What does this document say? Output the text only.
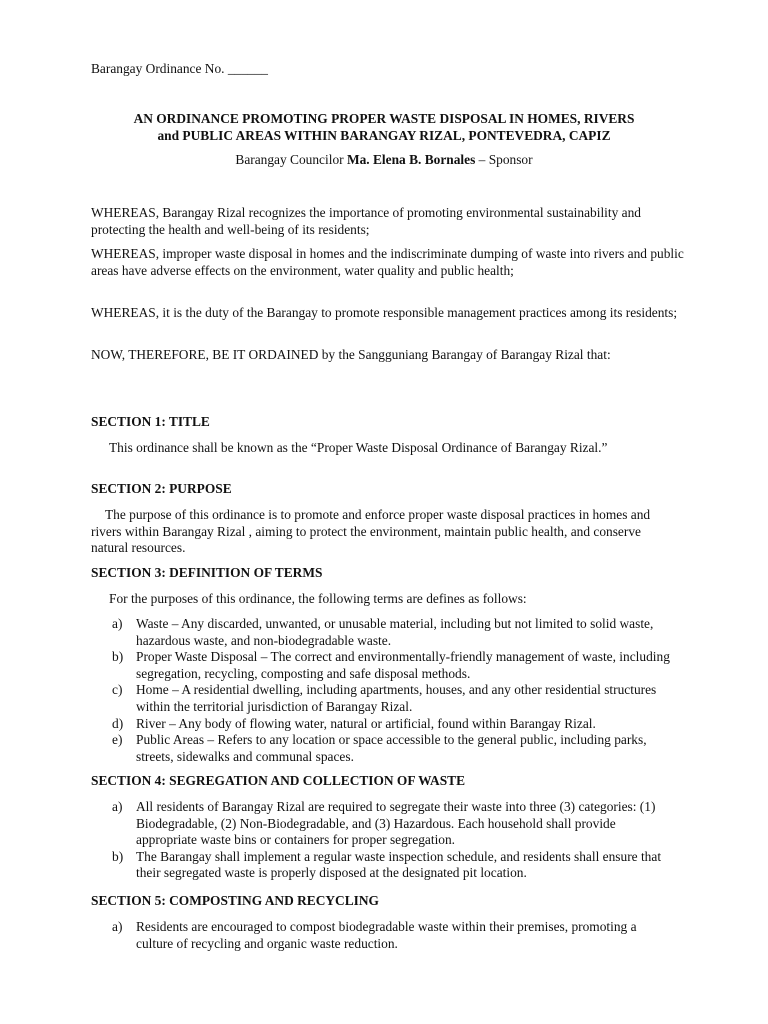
Barangay Ordinance No. ______
AN ORDINANCE PROMOTING PROPER WASTE DISPOSAL IN HOMES, RIVERS
and PUBLIC AREAS WITHIN BARANGAY RIZAL, PONTEVEDRA, CAPIZ
Barangay Councilor Ma. Elena B. Bornales – Sponsor
WHEREAS, Barangay Rizal recognizes the importance of promoting environmental sustainability and protecting the health and well-being of its residents;
WHEREAS, improper waste disposal in homes and the indiscriminate dumping of waste into rivers and public areas have adverse effects on the environment, water quality and public health;
WHEREAS, it is the duty of the Barangay to promote responsible management practices among its residents;
NOW, THEREFORE, BE IT ORDAINED by the Sangguniang Barangay of Barangay Rizal that:
SECTION 1: TITLE
This ordinance shall be known as the “Proper Waste Disposal Ordinance of Barangay Rizal.”
SECTION 2: PURPOSE
The purpose of this ordinance is to promote and enforce proper waste disposal practices in homes and rivers within Barangay Rizal , aiming to protect the environment, maintain public health, and conserve natural resources.
SECTION 3: DEFINITION OF TERMS
For the purposes of this ordinance, the following terms are defines as follows:
a) Waste – Any discarded, unwanted, or unusable material, including but not limited to solid waste, hazardous waste, and non-biodegradable waste.
b) Proper Waste Disposal – The correct and environmentally-friendly management of waste, including segregation, recycling, composting and safe disposal methods.
c) Home – A residential dwelling, including apartments, houses, and any other residential structures within the territorial jurisdiction of Barangay Rizal.
d) River – Any body of flowing water, natural or artificial, found within Barangay Rizal.
e) Public Areas – Refers to any location or space accessible to the general public, including parks, streets, sidewalks and communal spaces.
SECTION 4: SEGREGATION AND COLLECTION OF WASTE
a) All residents of Barangay Rizal are required to segregate their waste into three (3) categories: (1) Biodegradable, (2) Non-Biodegradable, and (3) Hazardous. Each household shall provide appropriate waste bins or containers for proper segregation.
b) The Barangay shall implement a regular waste inspection schedule, and residents shall ensure that their segregated waste is properly disposed at the designated pit location.
SECTION 5: COMPOSTING AND RECYCLING
a) Residents are encouraged to compost biodegradable waste within their premises, promoting a culture of recycling and organic waste reduction.
